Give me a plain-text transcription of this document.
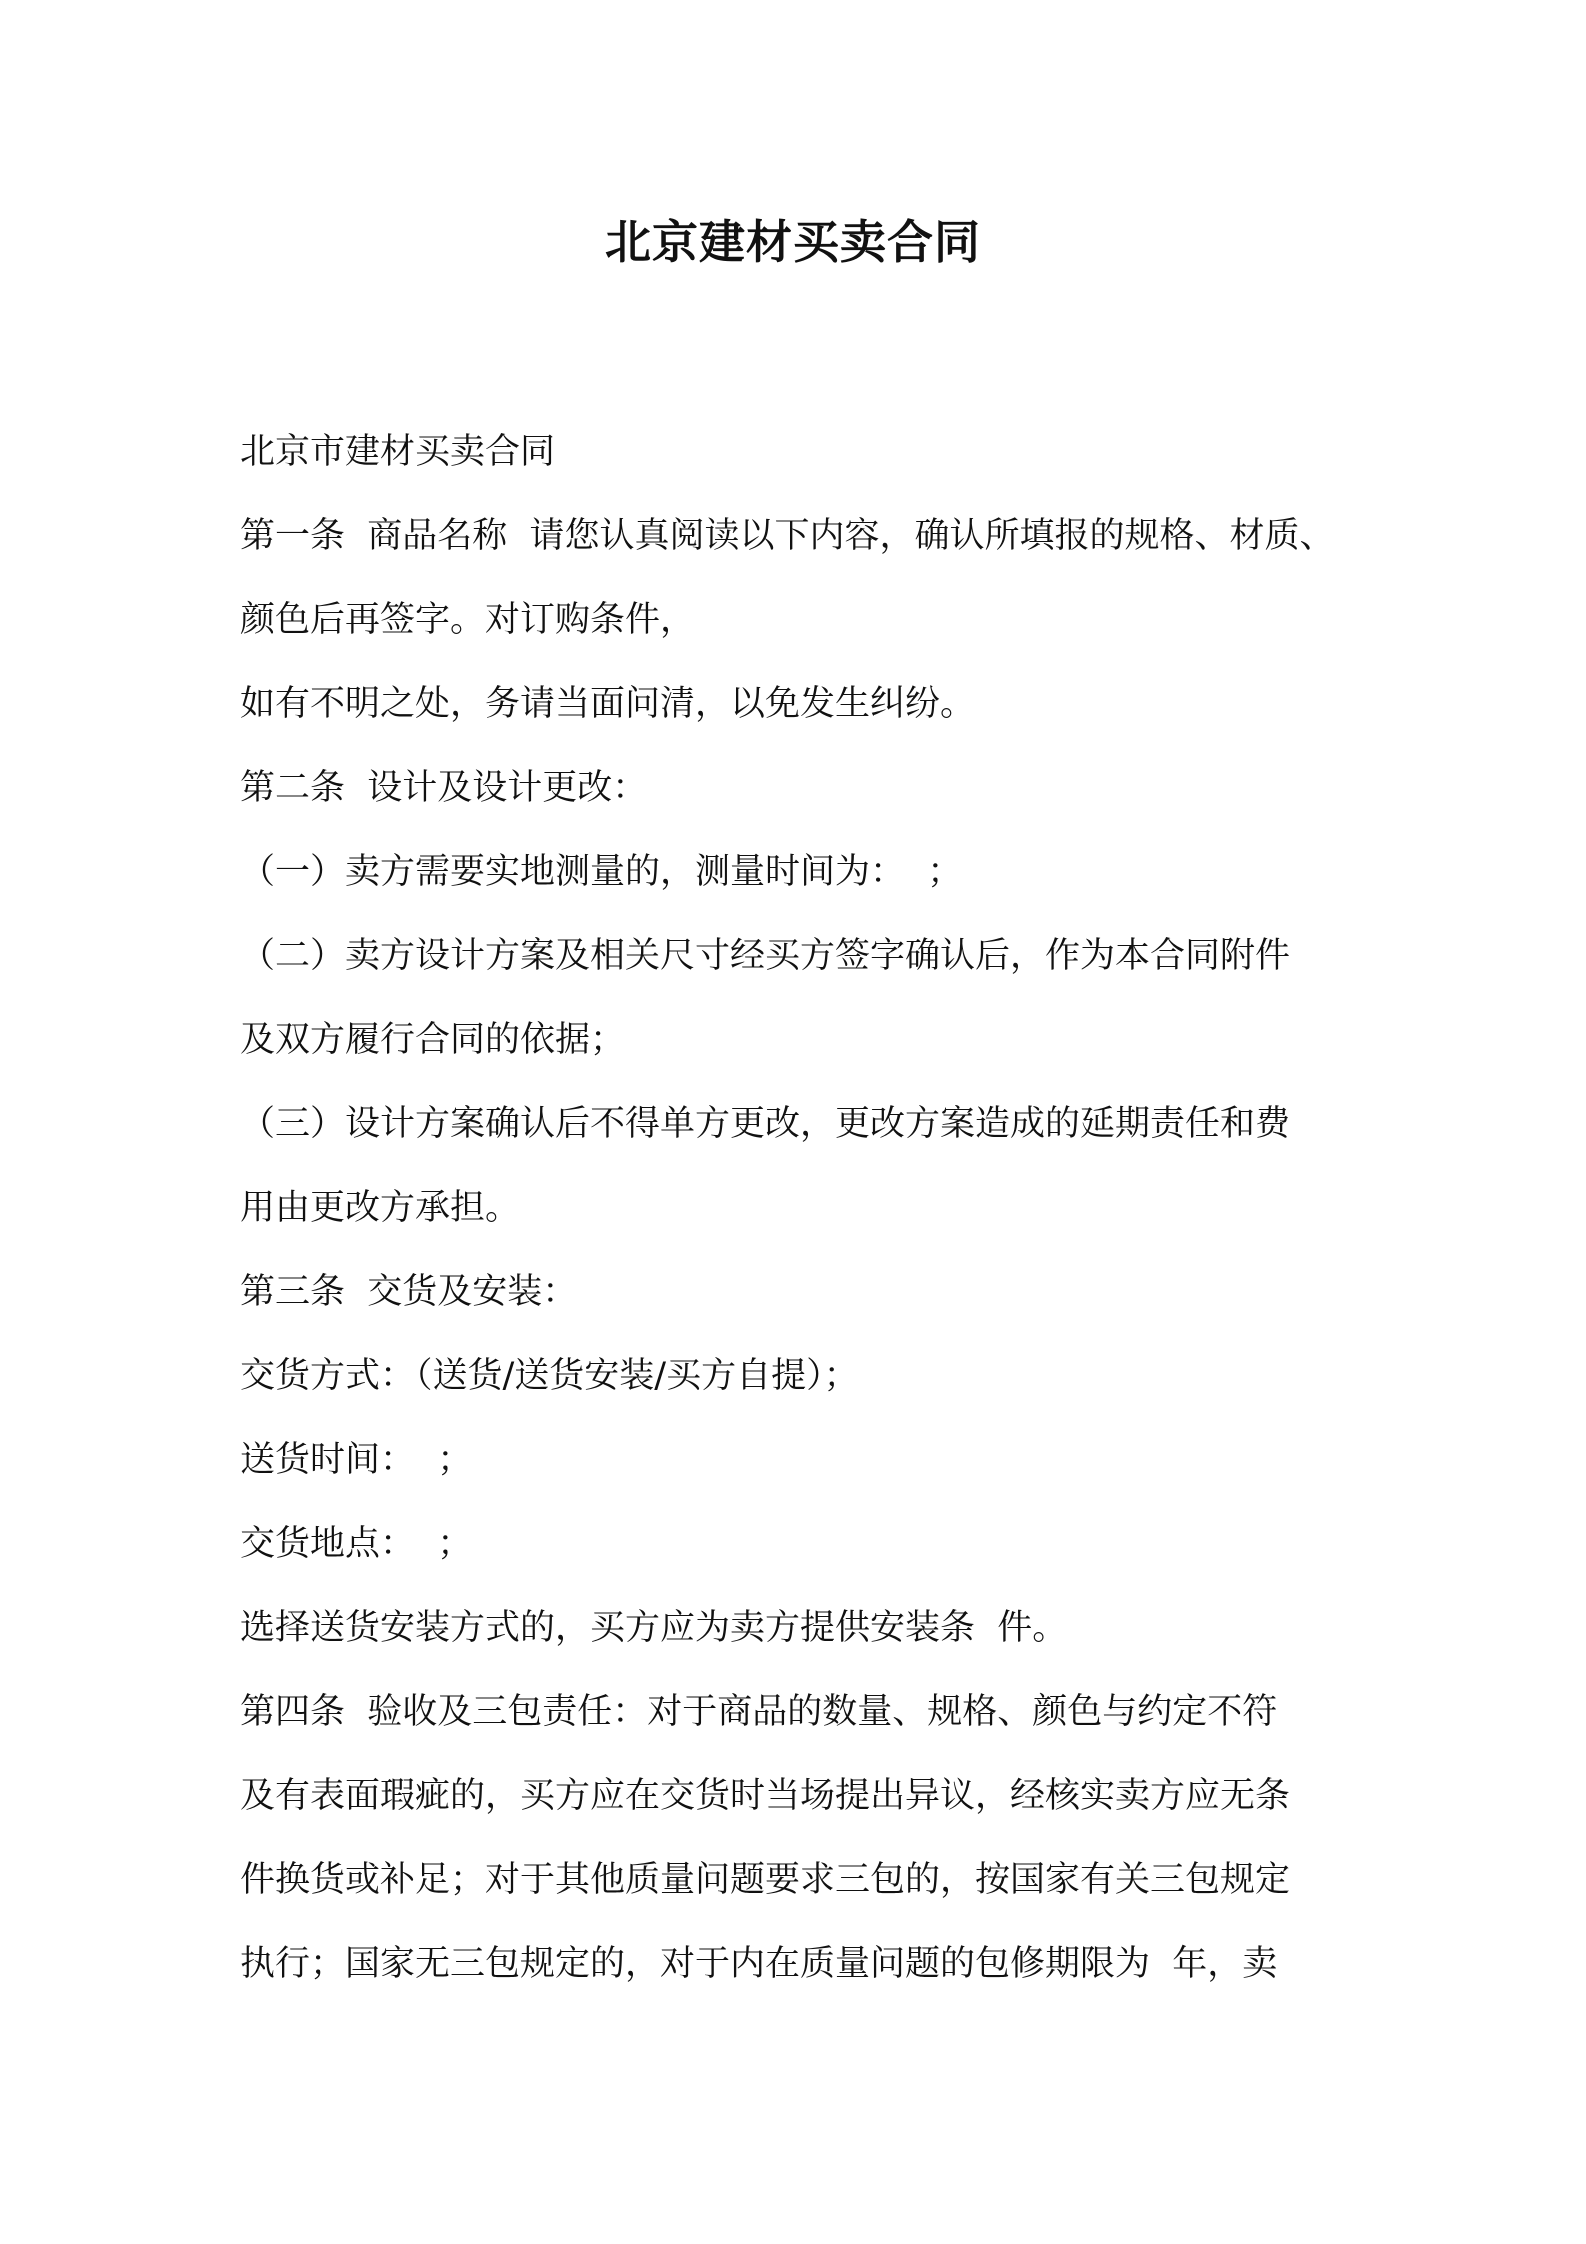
北京建材买卖合同
北京市建材买卖合同
第一条  商品名称  请您认真阅读以下内容，确认所填报的规格、材质、
颜色后再签字。对订购条件，
如有不明之处，务请当面问清，以免发生纠纷。
第二条  设计及设计更改：
（一）卖方需要实地测量的，测量时间为：  ；
（二）卖方设计方案及相关尺寸经买方签字确认后，作为本合同附件
及双方履行合同的依据；
（三）设计方案确认后不得单方更改，更改方案造成的延期责任和费
用由更改方承担。
第三条  交货及安装：
交货方式：（送货/送货安装/买方自提）；
送货时间：  ；
交货地点：  ；
选择送货安装方式的，买方应为卖方提供安装条  件。
第四条  验收及三包责任：对于商品的数量、规格、颜色与约定不符
及有表面瑕疵的，买方应在交货时当场提出异议，经核实卖方应无条
件换货或补足；对于其他质量问题要求三包的，按国家有关三包规定
执行；国家无三包规定的，对于内在质量问题的包修期限为  年，卖
